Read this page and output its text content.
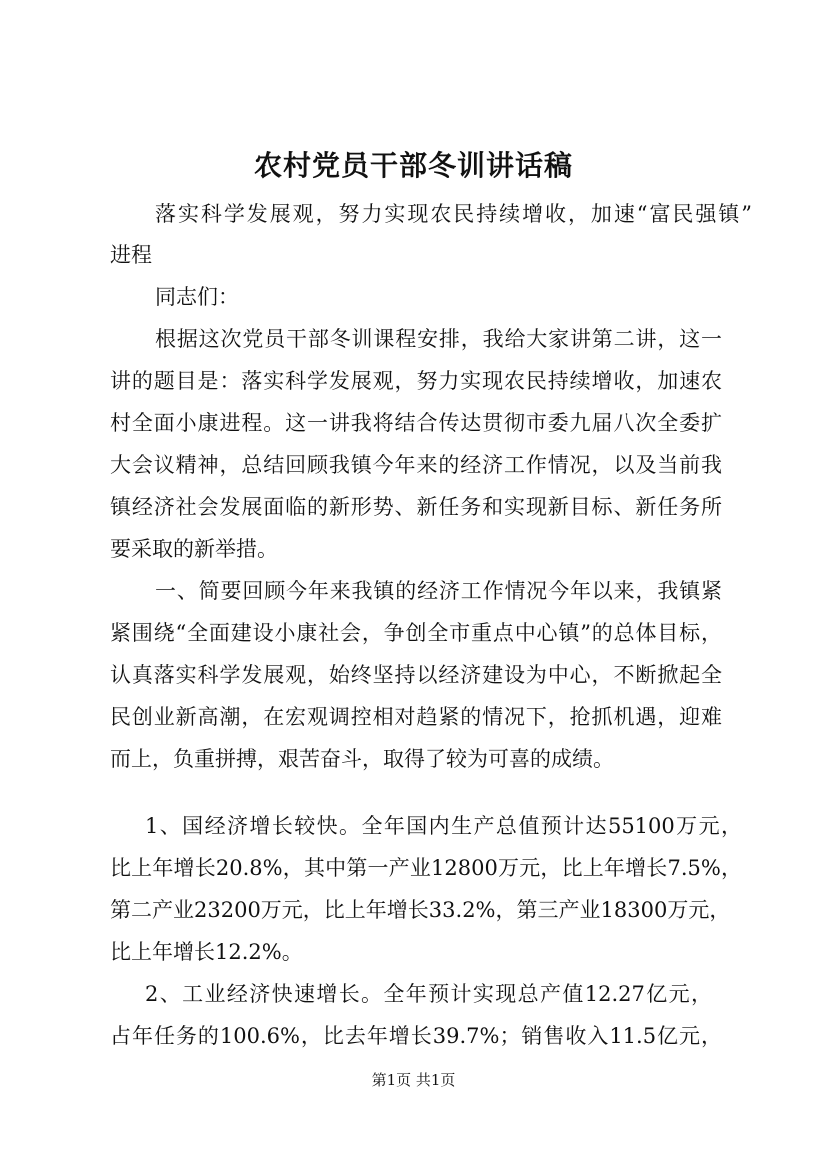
农村党员干部冬训讲话稿
落实科学发展观，努力实现农民持续增收，加速“富民强镇”
进程
同志们：
根据这次党员干部冬训课程安排，我给大家讲第二讲，这一
讲的题目是：落实科学发展观，努力实现农民持续增收，加速农
村全面小康进程。这一讲我将结合传达贯彻市委九届八次全委扩
大会议精神，总结回顾我镇今年来的经济工作情况，以及当前我
镇经济社会发展面临的新形势、新任务和实现新目标、新任务所
要采取的新举措。
一、简要回顾今年来我镇的经济工作情况今年以来，我镇紧
紧围绕“全面建设小康社会，争创全市重点中心镇”的总体目标，
认真落实科学发展观，始终坚持以经济建设为中心，不断掀起全
民创业新高潮，在宏观调控相对趋紧的情况下，抢抓机遇，迎难
而上，负重拼搏，艰苦奋斗，取得了较为可喜的成绩。
1、国经济增长较快。全年国内生产总值预计达55100万元，
比上年增长20.8%，其中第一产业12800万元，比上年增长7.5%，
第二产业23200万元，比上年增长33.2%，第三产业18300万元，
比上年增长12.2%。
2、工业经济快速增长。全年预计实现总产值12.27亿元，
占年任务的100.6%，比去年增长39.7%；销售收入11.5亿元，
第1页 共1页
